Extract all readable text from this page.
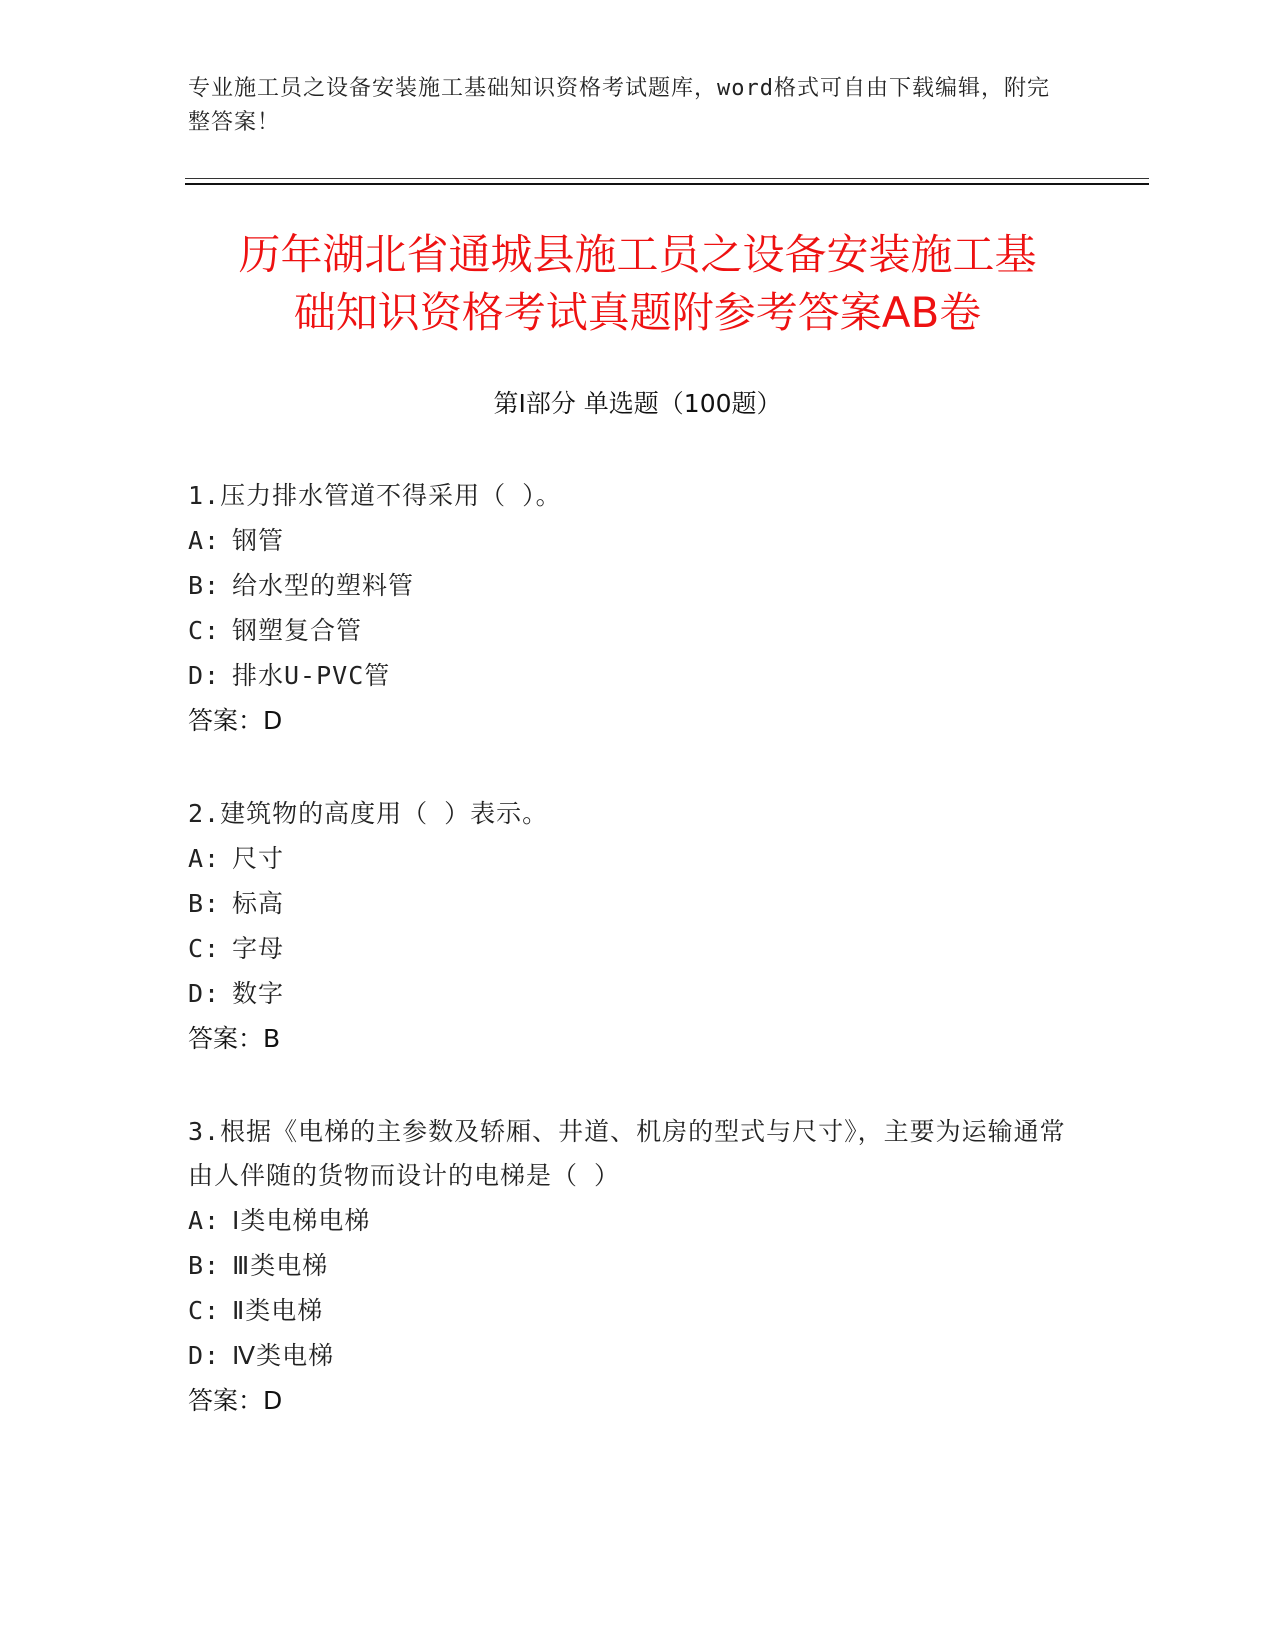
专业施工员之设备安装施工基础知识资格考试题库，word格式可自由下载编辑，附完整答案！
历年湖北省通城县施工员之设备安装施工基
础知识资格考试真题附参考答案AB卷
第Ⅰ部分 单选题（100题）

1.压力排水管道不得采用（ ）。

A: 钢管

B: 给水型的塑料管

C: 钢塑复合管

D: 排水U-PVC管

答案：D

2.建筑物的高度用（ ）表示。

A: 尺寸

B: 标高

C: 字母

D: 数字

答案：B

3.根据《电梯的主参数及轿厢、井道、机房的型式与尺寸》，主要为运输通常由人伴随的货物而设计的电梯是（ ）

A: Ⅰ类电梯电梯

B: Ⅲ类电梯

C: Ⅱ类电梯

D: Ⅳ类电梯

答案：D
